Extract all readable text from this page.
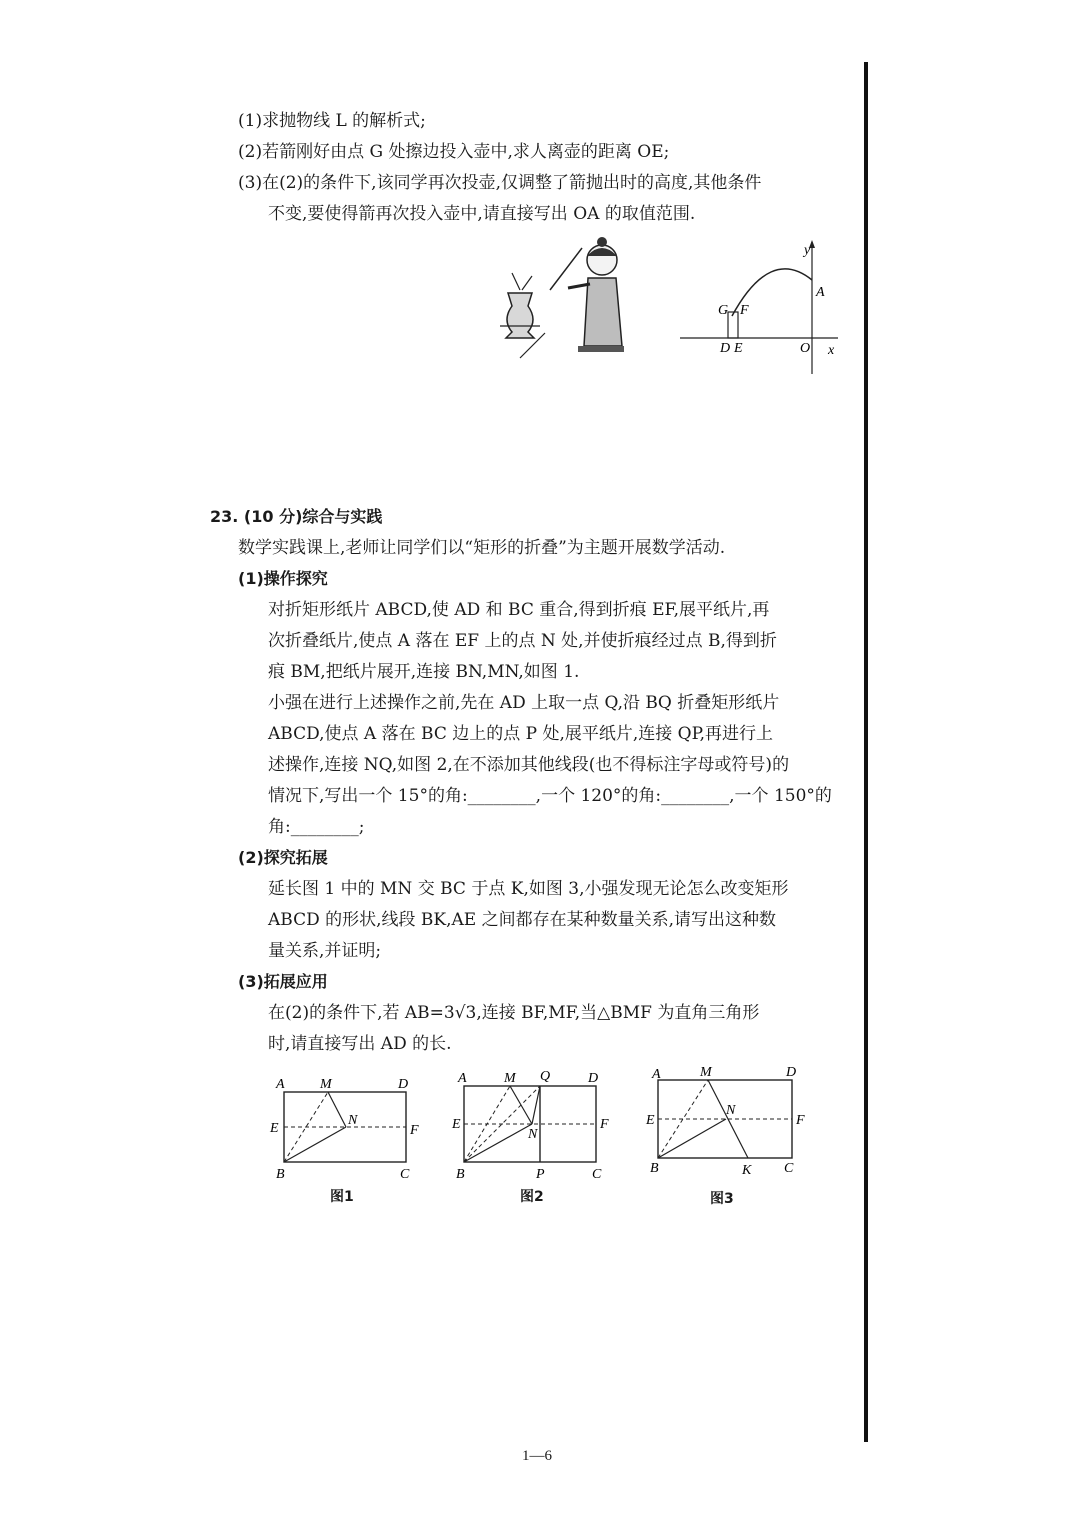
(1)求抛物线 L 的解析式;
(2)若箭刚好由点 G 处擦边投入壶中,求人离壶的距离 OE;
(3)在(2)的条件下,该同学再次投壶,仅调整了箭抛出时的高度,其他条件
不变,要使得箭再次投入壶中,请直接写出 OA 的取值范围.
y
x
A
G F
D E	O
23. (10 分)综合与实践
数学实践课上,老师让同学们以“矩形的折叠”为主题开展数学活动.
(1)操作探究
对折矩形纸片 ABCD,使 AD 和 BC 重合,得到折痕 EF,展平纸片,再
次折叠纸片,使点 A 落在 EF 上的点 N 处,并使折痕经过点 B,得到折
痕 BM,把纸片展开,连接 BN,MN,如图 1.
小强在进行上述操作之前,先在 AD 上取一点 Q,沿 BQ 折叠矩形纸片
ABCD,使点 A 落在 BC 边上的点 P 处,展平纸片,连接 QP,再进行上
述操作,连接 NQ,如图 2,在不添加其他线段(也不得标注字母或符号)的
情况下,写出一个 15°的角:________,一个 120°的角:________,一个 150°的
角:________;
(2)探究拓展
延长图 1 中的 MN 交 BC 于点 K,如图 3,小强发现无论怎么改变矩形
ABCD 的形状,线段 BK,AE 之间都存在某种数量关系,请写出这种数
量关系,并证明;
(3)拓展应用
在(2)的条件下,若 AB=3√3,连接 BF,MF,当△BMF 为直角三角形
时,请直接写出 AD 的长.
A	M	D
E
N
F
B	C
图1
A	M Q	D
E
N
F
B	P	C
图2
A	M	D
E
N
F
B	K C
图3
1—6
